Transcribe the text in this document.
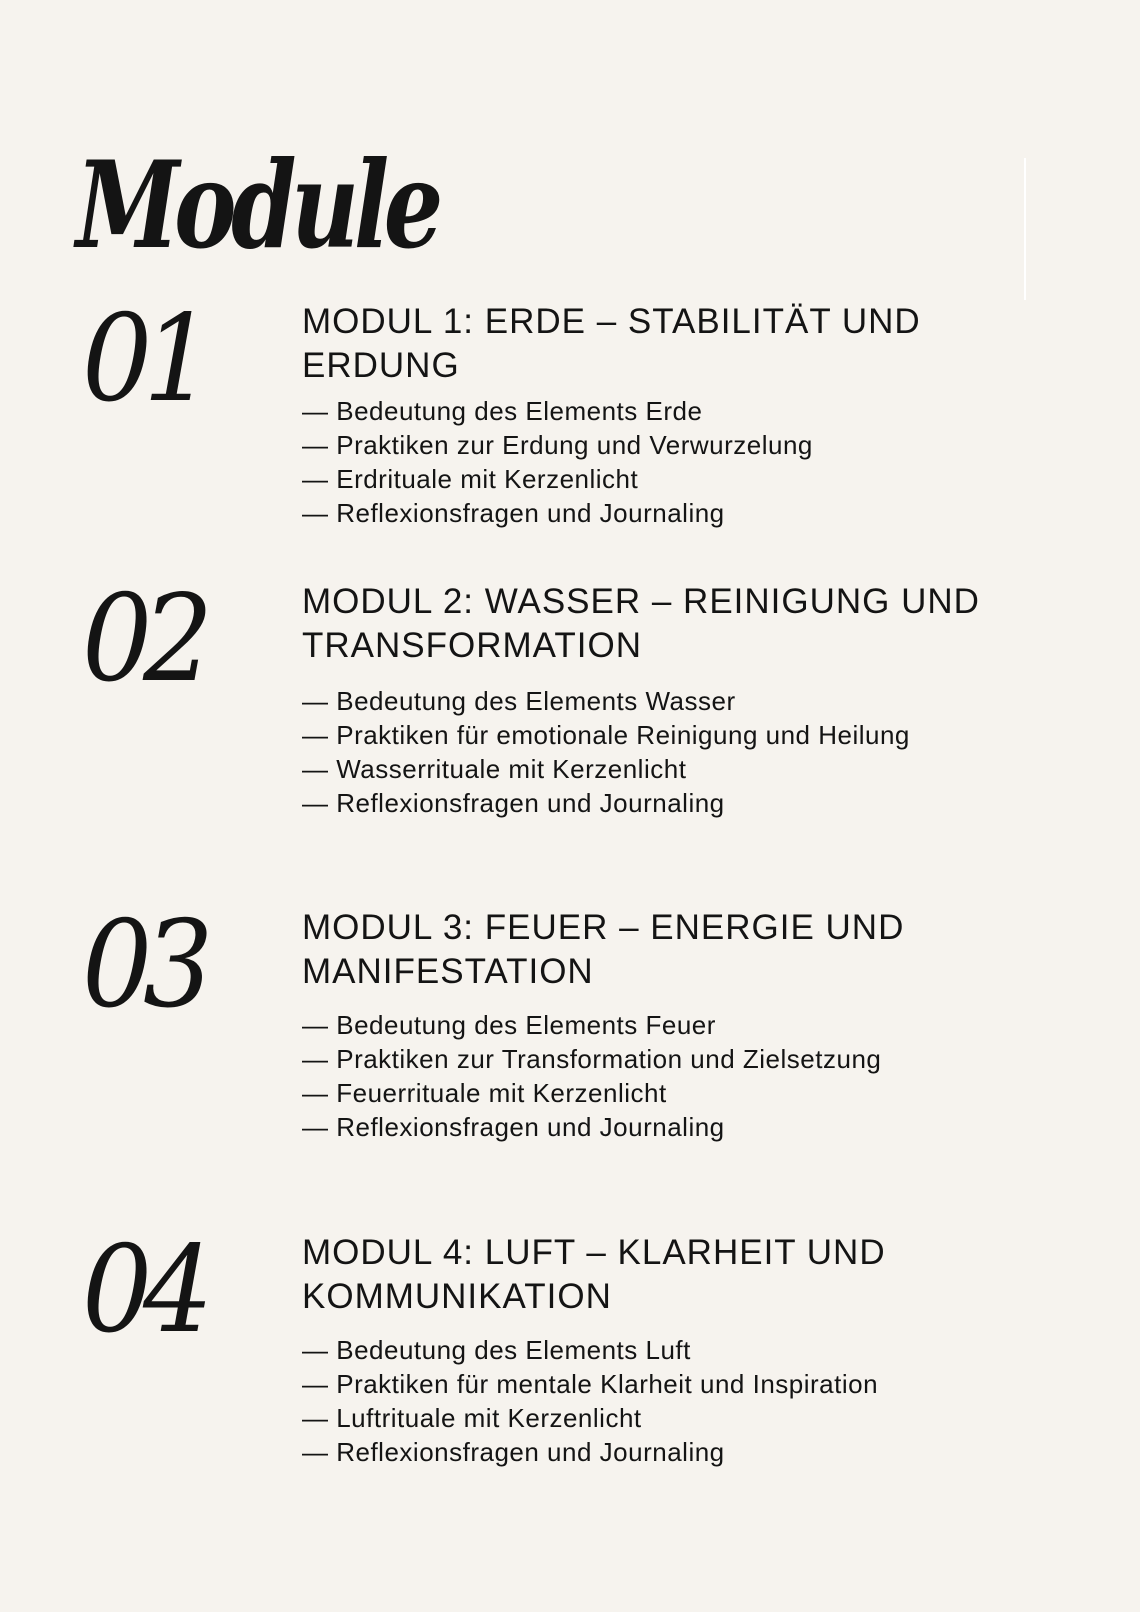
Module
01	MODUL 1: ERDE – STABILITÄT UND ERDUNG
— Bedeutung des Elements Erde
— Praktiken zur Erdung und Verwurzelung
— Erdrituale mit Kerzenlicht
— Reflexionsfragen und Journaling
02	MODUL 2: WASSER – REINIGUNG UND TRANSFORMATION
— Bedeutung des Elements Wasser
— Praktiken für emotionale Reinigung und Heilung
— Wasserrituale mit Kerzenlicht
— Reflexionsfragen und Journaling
03	MODUL 3: FEUER – ENERGIE UND MANIFESTATION
— Bedeutung des Elements Feuer
— Praktiken zur Transformation und Zielsetzung
— Feuerrituale mit Kerzenlicht
— Reflexionsfragen und Journaling
04	MODUL 4: LUFT – KLARHEIT UND KOMMUNIKATION
— Bedeutung des Elements Luft
— Praktiken für mentale Klarheit und Inspiration
— Luftrituale mit Kerzenlicht
— Reflexionsfragen und Journaling
